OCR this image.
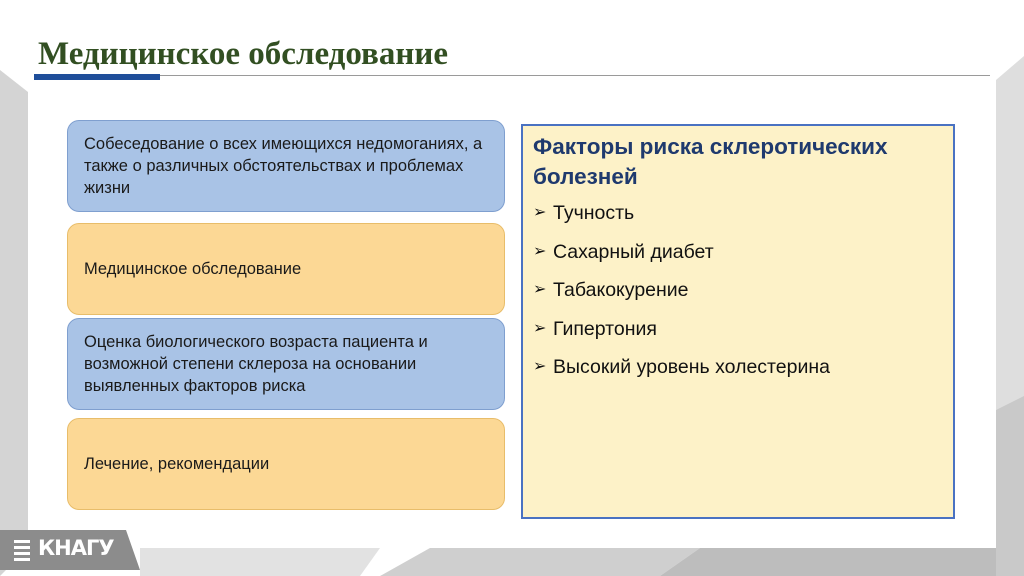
Медицинское обследование
Собеседование о всех имеющихся недомоганиях, а также о различных обстоятельствах и проблемах жизни
Медицинское обследование
Оценка биологического возраста пациента и возможной степени склероза на основании выявленных факторов риска
Лечение, рекомендации
Факторы риска склеротических болезней
➢ Тучность
➢ Сахарный диабет
➢ Табакокурение
➢ Гипертония
➢ Высокий уровень холестерина
КНАГУ
